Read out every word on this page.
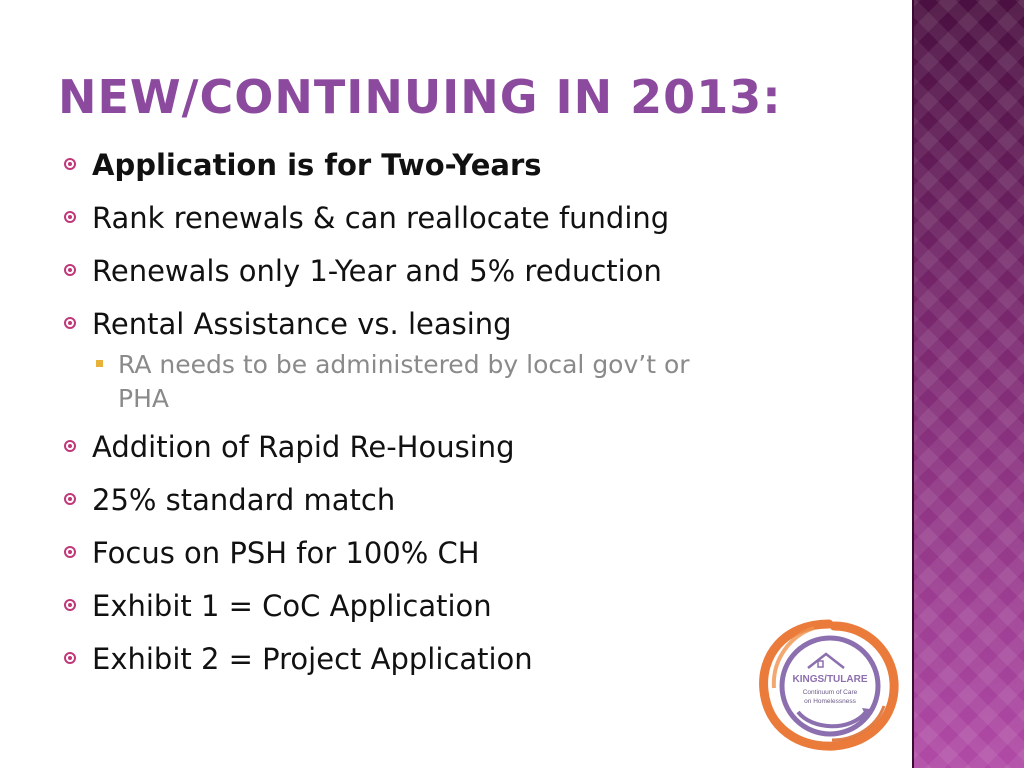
NEW/CONTINUING IN 2013:
Application is for Two-Years
Rank renewals & can reallocate funding
Renewals only 1-Year and 5% reduction
Rental Assistance vs. leasing
RA needs to be administered by local gov’t or
PHA
Addition of Rapid Re-Housing
25% standard match
Focus on PSH for 100% CH
Exhibit 1 = CoC Application
Exhibit 2 = Project Application
KINGS/TULARE
Continuum of Care
on Homelessness
